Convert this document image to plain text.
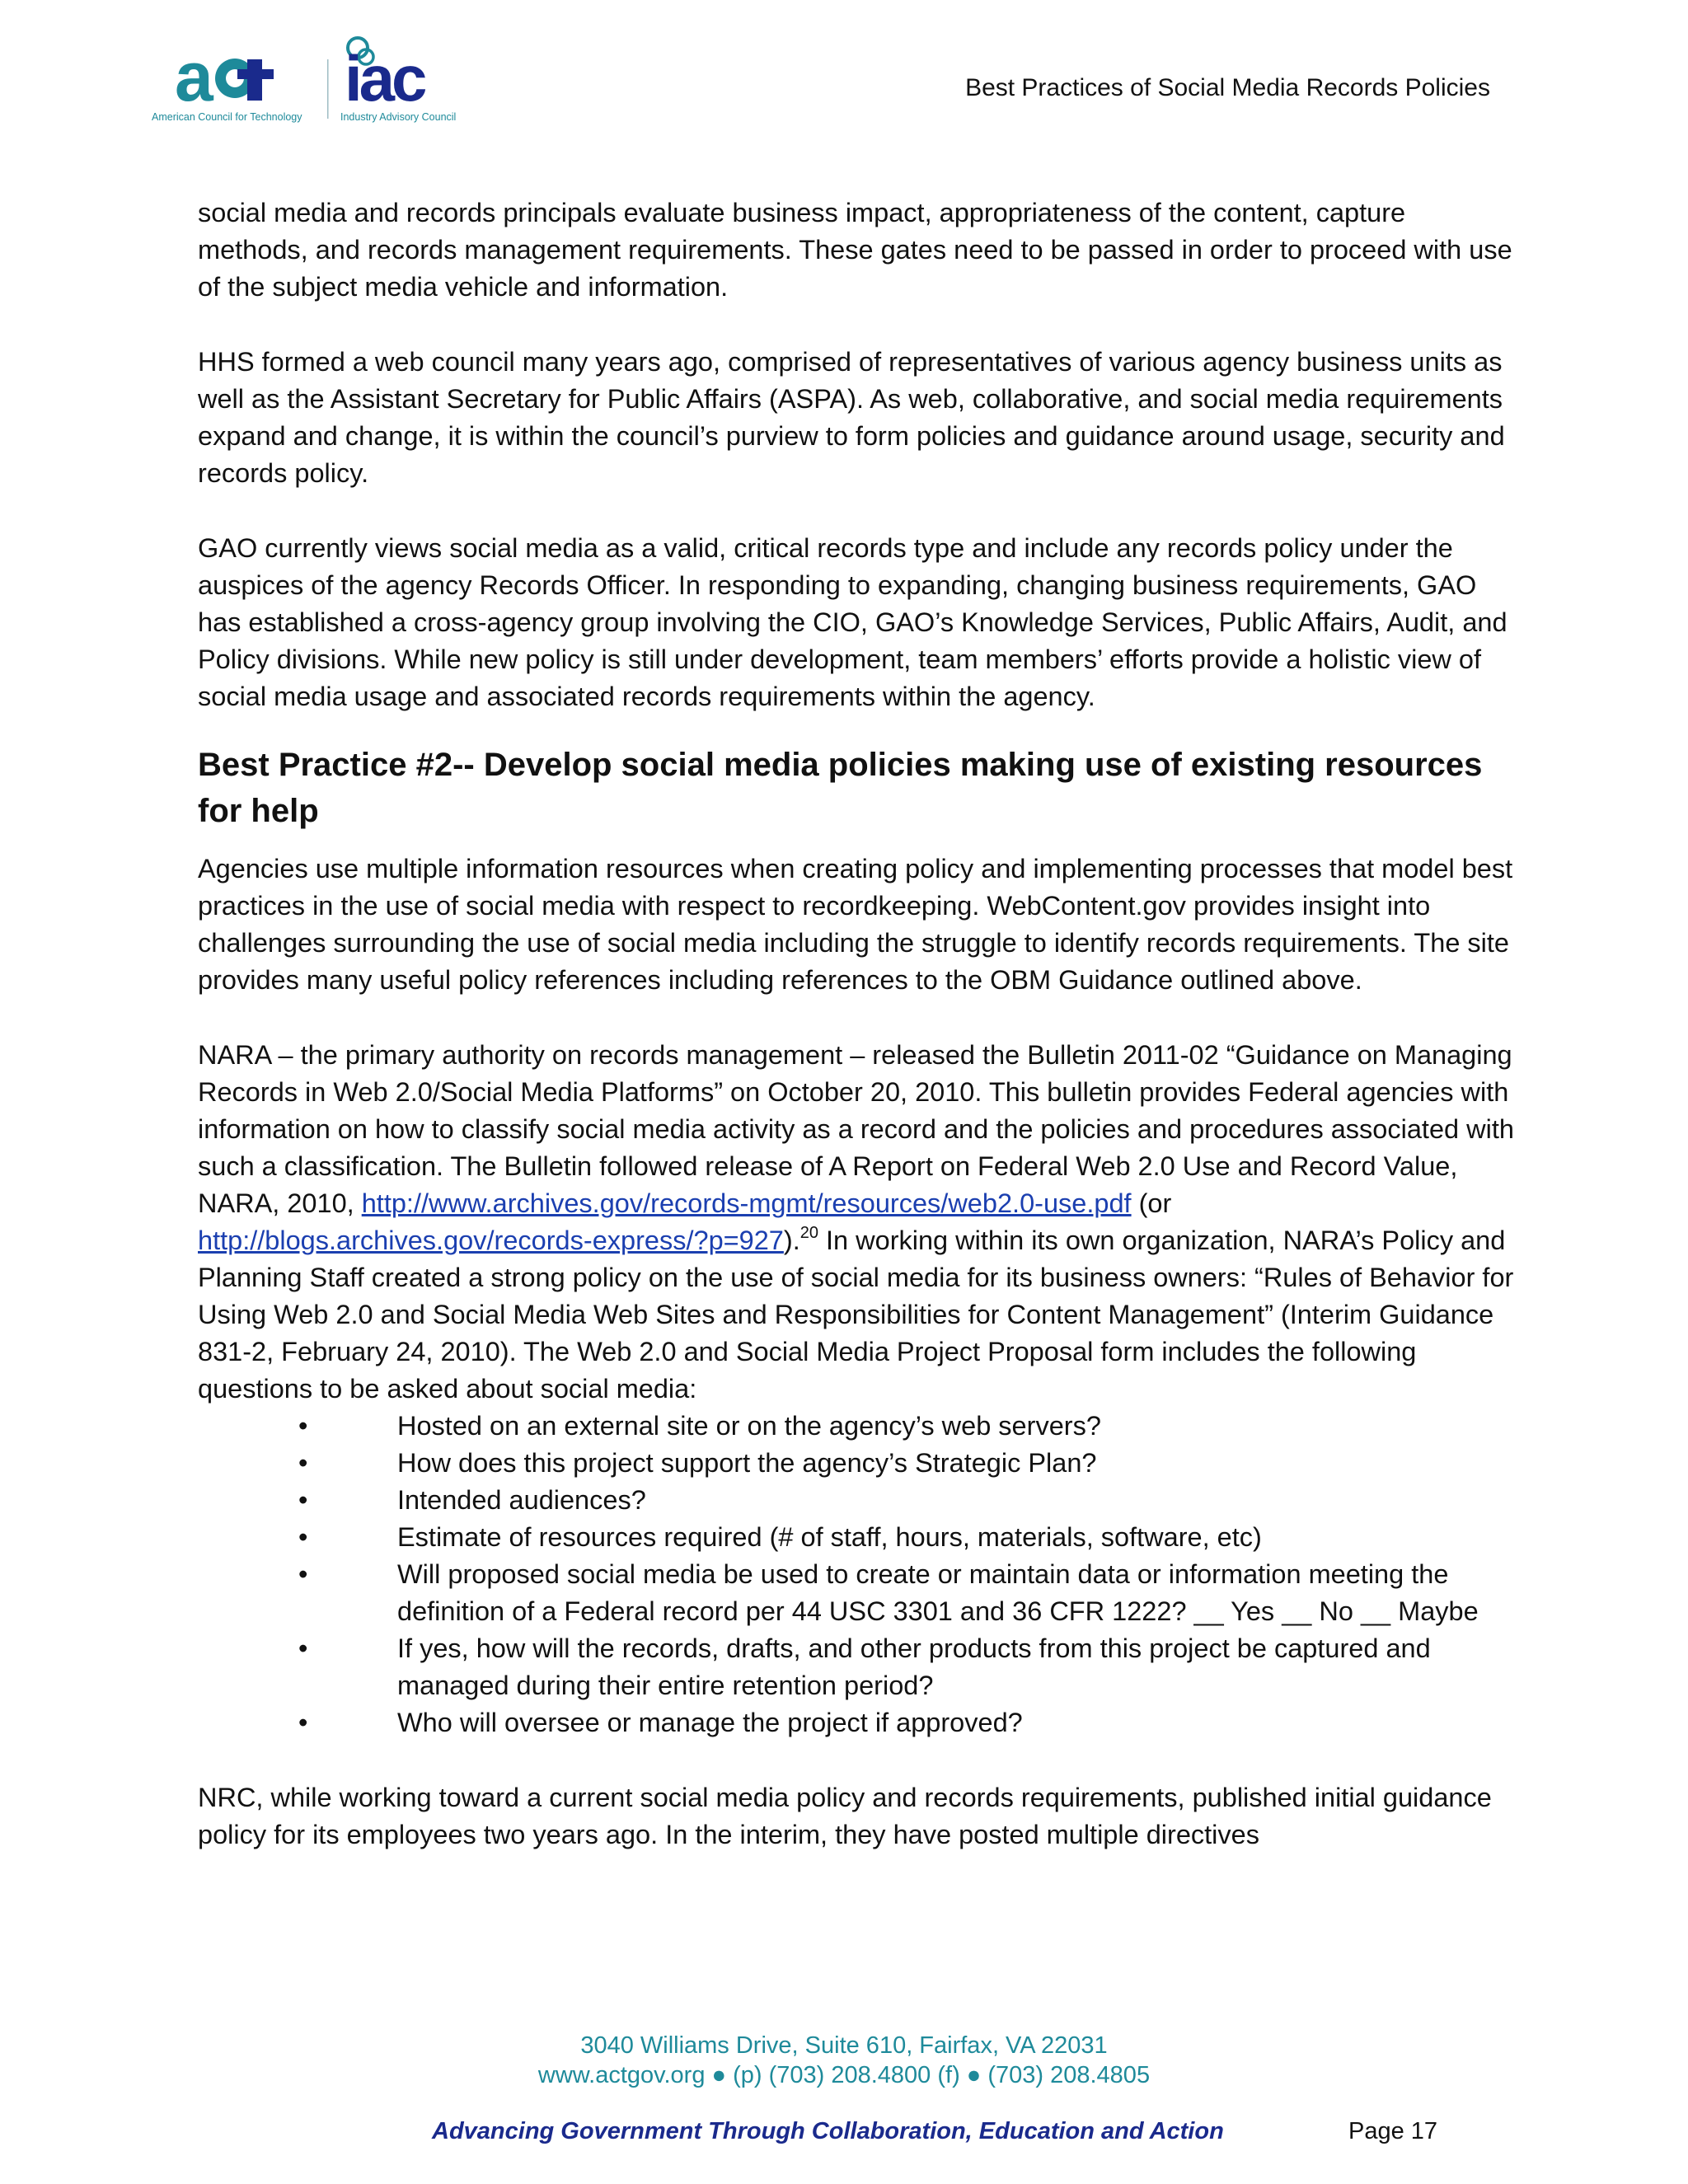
a
American Council for Technology
iac
Industry Advisory Council
Best Practices of Social Media Records Policies

social media and records principals evaluate business impact, appropriateness of the content, capture methods, and records management requirements. These gates need to be passed in order to proceed with use of the subject media vehicle and information.

HHS formed a web council many years ago, comprised of representatives of various agency business units as well as the Assistant Secretary for Public Affairs (ASPA). As web, collaborative, and social media requirements expand and change, it is within the council’s purview to form policies and guidance around usage, security and records policy.

GAO currently views social media as a valid, critical records type and include any records policy under the auspices of the agency Records Officer. In responding to expanding, changing business requirements, GAO has established a cross-agency group involving the CIO, GAO’s Knowledge Services, Public Affairs, Audit, and Policy divisions. While new policy is still under development, team members’ efforts provide a holistic view of social media usage and associated records requirements within the agency.

Best Practice #2-- Develop social media policies making use of existing resources for help

Agencies use multiple information resources when creating policy and implementing processes that model best practices in the use of social media with respect to recordkeeping. WebContent.gov provides insight into challenges surrounding the use of social media including the struggle to identify records requirements. The site provides many useful policy references including references to the OBM Guidance outlined above.

NARA – the primary authority on records management – released the Bulletin 2011-02 “Guidance on Managing Records in Web 2.0/Social Media Platforms” on October 20, 2010. This bulletin provides Federal agencies with information on how to classify social media activity as a record and the policies and procedures associated with such a classification. The Bulletin followed release of A Report on Federal Web 2.0 Use and Record Value, NARA, 2010, http://www.archives.gov/records-mgmt/resources/web2.0-use.pdf (or http://blogs.archives.gov/records-express/?p=927).$^{20}$ In working within its own organization, NARA’s Policy and Planning Staff created a strong policy on the use of social media for its business owners: “Rules of Behavior for Using Web 2.0 and Social Media Web Sites and Responsibilities for Content Management” (Interim Guidance 831-2, February 24, 2010). The Web 2.0 and Social Media Project Proposal form includes the following questions to be asked about social media:

•	Hosted on an external site or on the agency’s web servers?
•	How does this project support the agency’s Strategic Plan?
•	Intended audiences?
•	Estimate of resources required (# of staff, hours, materials, software, etc)
•	Will proposed social media be used to create or maintain data or information meeting the definition of a Federal record per 44 USC 3301 and 36 CFR 1222? __ Yes __ No __ Maybe
•	If yes, how will the records, drafts, and other products from this project be captured and managed during their entire retention period?
•	Who will oversee or manage the project if approved?

NRC, while working toward a current social media policy and records requirements, published initial guidance policy for its employees two years ago. In the interim, they have posted multiple directives

3040 Williams Drive, Suite 610, Fairfax, VA 22031
www.actgov.org ● (p) (703) 208.4800 (f) ● (703) 208.4805
Advancing Government Through Collaboration, Education and Action	Page 17
